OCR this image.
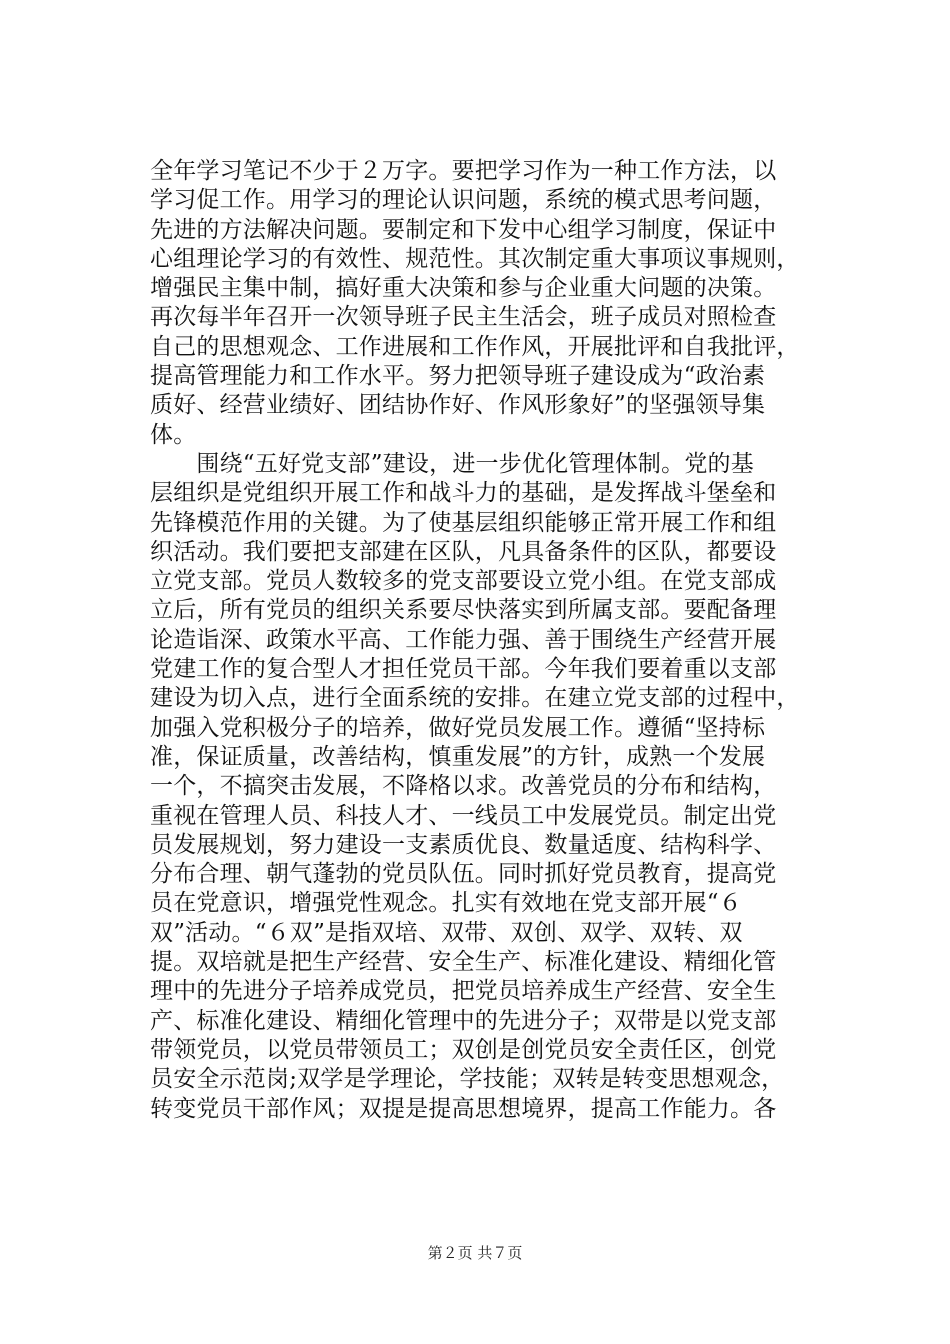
全年学习笔记不少于２万字。要把学习作为一种工作方法，以
学习促工作。用学习的理论认识问题，系统的模式思考问题，
先进的方法解决问题。要制定和下发中心组学习制度，保证中
心组理论学习的有效性、规范性。其次制定重大事项议事规则，
增强民主集中制，搞好重大决策和参与企业重大问题的决策。
再次每半年召开一次领导班子民主生活会，班子成员对照检查
自己的思想观念、工作进展和工作作风，开展批评和自我批评，
提高管理能力和工作水平。努力把领导班子建设成为“政治素
质好、经营业绩好、团结协作好、作风形象好”的坚强领导集
体。
　　围绕“五好党支部”建设，进一步优化管理体制。党的基
层组织是党组织开展工作和战斗力的基础，是发挥战斗堡垒和
先锋模范作用的关键。为了使基层组织能够正常开展工作和组
织活动。我们要把支部建在区队，凡具备条件的区队，都要设
立党支部。党员人数较多的党支部要设立党小组。在党支部成
立后，所有党员的组织关系要尽快落实到所属支部。要配备理
论造诣深、政策水平高、工作能力强、善于围绕生产经营开展
党建工作的复合型人才担任党员干部。今年我们要着重以支部
建设为切入点，进行全面系统的安排。在建立党支部的过程中，
加强入党积极分子的培养，做好党员发展工作。遵循“坚持标
准，保证质量，改善结构，慎重发展”的方针，成熟一个发展
一个，不搞突击发展，不降格以求。改善党员的分布和结构，
重视在管理人员、科技人才、一线员工中发展党员。制定出党
员发展规划，努力建设一支素质优良、数量适度、结构科学、
分布合理、朝气蓬勃的党员队伍。同时抓好党员教育，提高党
员在党意识，增强党性观念。扎实有效地在党支部开展“６
双”活动。“６双”是指双培、双带、双创、双学、双转、双
提。双培就是把生产经营、安全生产、标准化建设、精细化管
理中的先进分子培养成党员，把党员培养成生产经营、安全生
产、标准化建设、精细化管理中的先进分子；双带是以党支部
带领党员，以党员带领员工；双创是创党员安全责任区，创党
员安全示范岗;双学是学理论，学技能；双转是转变思想观念，
转变党员干部作风；双提是提高思想境界，提高工作能力。各
第２页 共７页
